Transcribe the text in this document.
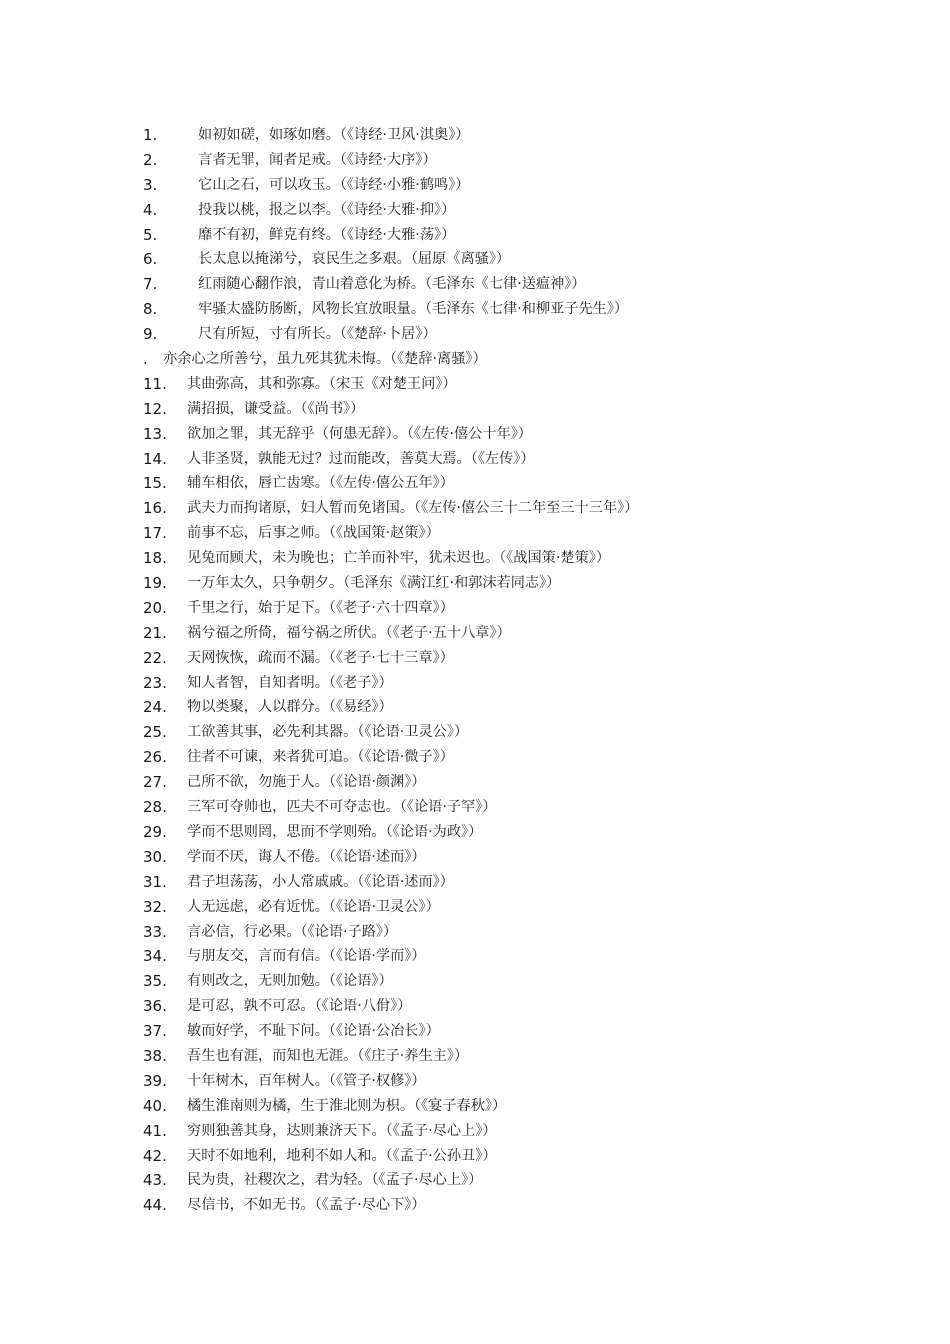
1.	如初如磋，如琢如磨。（《诗经·卫风·淇奥》）
2.	言者无罪，闻者足戒。（《诗经·大序》）
3.	它山之石，可以攻玉。（《诗经·小雅·鹤鸣》）
4.	投我以桃，报之以李。（《诗经·大雅·抑》）
5.	靡不有初，鲜克有终。（《诗经·大雅·荡》）
6.	长太息以掩涕兮，哀民生之多艰。（屈原《离骚》）
7.	红雨随心翻作浪，青山着意化为桥。（毛泽东《七律·送瘟神》）
8.	牢骚太盛防肠断，风物长宜放眼量。（毛泽东《七律·和柳亚子先生》）
9.	尺有所短，寸有所长。（《楚辞·卜居》）
.	亦余心之所善兮，虽九死其犹未悔。（《楚辞·离骚》）
11.	其曲弥高，其和弥寡。（宋玉《对楚王问》）
12.	满招损，谦受益。（《尚书》）
13.	欲加之罪，其无辞乎（何患无辞）。（《左传·僖公十年》）
14.	人非圣贤，孰能无过？过而能改，善莫大焉。（《左传》）
15.	辅车相依，唇亡齿寒。（《左传·僖公五年》）
16.	武夫力而拘诸原，妇人暂而免诸国。（《左传·僖公三十二年至三十三年》）
17.	前事不忘，后事之师。（《战国策·赵策》）
18.	见兔而顾犬，未为晚也；亡羊而补牢，犹未迟也。（《战国策·楚策》）
19.	一万年太久，只争朝夕。（毛泽东《满江红·和郭沫若同志》）
20.	千里之行，始于足下。（《老子·六十四章》）
21.	祸兮福之所倚，福兮祸之所伏。（《老子·五十八章》）
22.	天网恢恢，疏而不漏。（《老子·七十三章》）
23.	知人者智，自知者明。（《老子》）
24.	物以类聚，人以群分。（《易经》）
25.	工欲善其事，必先利其器。（《论语·卫灵公》）
26.	往者不可谏，来者犹可追。（《论语·微子》）
27.	己所不欲，勿施于人。（《论语·颜渊》）
28.	三军可夺帅也，匹夫不可夺志也。（《论语·子罕》）
29.	学而不思则罔，思而不学则殆。（《论语·为政》）
30.	学而不厌，诲人不倦。（《论语·述而》）
31.	君子坦荡荡，小人常戚戚。（《论语·述而》）
32.	人无远虑，必有近忧。（《论语·卫灵公》）
33.	言必信，行必果。（《论语·子路》）
34.	与朋友交，言而有信。（《论语·学而》）
35.	有则改之，无则加勉。（《论语》）
36.	是可忍，孰不可忍。（《论语·八佾》）
37.	敏而好学，不耻下问。（《论语·公冶长》）
38.	吾生也有涯，而知也无涯。（《庄子·养生主》）
39.	十年树木，百年树人。（《管子·权修》）
40.	橘生淮南则为橘，生于淮北则为枳。（《宴子春秋》）
41.	穷则独善其身，达则兼济天下。（《孟子·尽心上》）
42.	天时不如地利，地利不如人和。（《孟子·公孙丑》）
43.	民为贵，社稷次之，君为轻。（《孟子·尽心上》）
44.	尽信书，不如无书。（《孟子·尽心下》）
